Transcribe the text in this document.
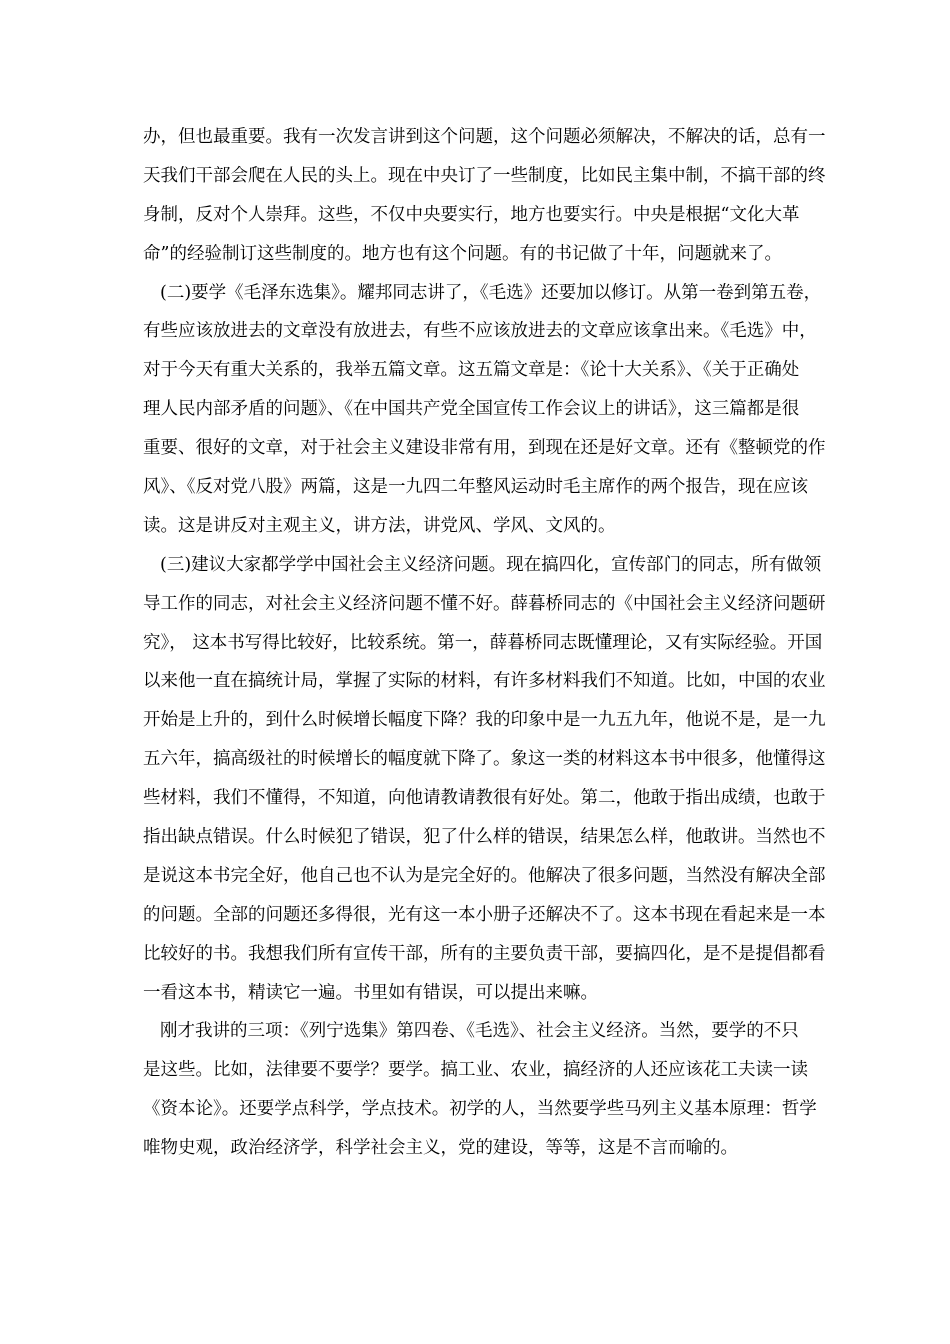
办，但也最重要。我有一次发言讲到这个问题，这个问题必须解决，不解决的话，总有一
天我们干部会爬在人民的头上。现在中央订了一些制度，比如民主集中制，不搞干部的终
身制，反对个人崇拜。这些，不仅中央要实行，地方也要实行。中央是根据“文化大革
命”的经验制订这些制度的。地方也有这个问题。有的书记做了十年，问题就来了。
(二)要学《毛泽东选集》。耀邦同志讲了，《毛选》还要加以修订。从第一卷到第五卷，
有些应该放进去的文章没有放进去，有些不应该放进去的文章应该拿出来。《毛选》中，
对于今天有重大关系的，我举五篇文章。这五篇文章是：《论十大关系》、《关于正确处
理人民内部矛盾的问题》、《在中国共产党全国宣传工作会议上的讲话》，这三篇都是很
重要、很好的文章，对于社会主义建设非常有用，到现在还是好文章。还有《整顿党的作
风》、《反对党八股》两篇，这是一九四二年整风运动时毛主席作的两个报告，现在应该
读。这是讲反对主观主义，讲方法，讲党风、学风、文风的。
(三)建议大家都学学中国社会主义经济问题。现在搞四化，宣传部门的同志，所有做领
导工作的同志，对社会主义经济问题不懂不好。薛暮桥同志的《中国社会主义经济问题研
究》， 这本书写得比较好，比较系统。第一，薛暮桥同志既懂理论，又有实际经验。开国
以来他一直在搞统计局，掌握了实际的材料，有许多材料我们不知道。比如，中国的农业
开始是上升的，到什么时候增长幅度下降？我的印象中是一九五九年，他说不是，是一九
五六年，搞高级社的时候增长的幅度就下降了。象这一类的材料这本书中很多，他懂得这
些材料，我们不懂得，不知道，向他请教请教很有好处。第二，他敢于指出成绩，也敢于
指出缺点错误。什么时候犯了错误，犯了什么样的错误，结果怎么样，他敢讲。当然也不
是说这本书完全好，他自己也不认为是完全好的。他解决了很多问题，当然没有解决全部
的问题。全部的问题还多得很，光有这一本小册子还解决不了。这本书现在看起来是一本
比较好的书。我想我们所有宣传干部，所有的主要负责干部，要搞四化，是不是提倡都看
一看这本书，精读它一遍。书里如有错误，可以提出来嘛。
刚才我讲的三项：《列宁选集》第四卷、《毛选》、社会主义经济。当然，要学的不只
是这些。比如，法律要不要学？要学。搞工业、农业，搞经济的人还应该花工夫读一读
《资本论》。还要学点科学，学点技术。初学的人，当然要学些马列主义基本原理：哲学
唯物史观，政治经济学，科学社会主义，党的建设，等等，这是不言而喻的。
